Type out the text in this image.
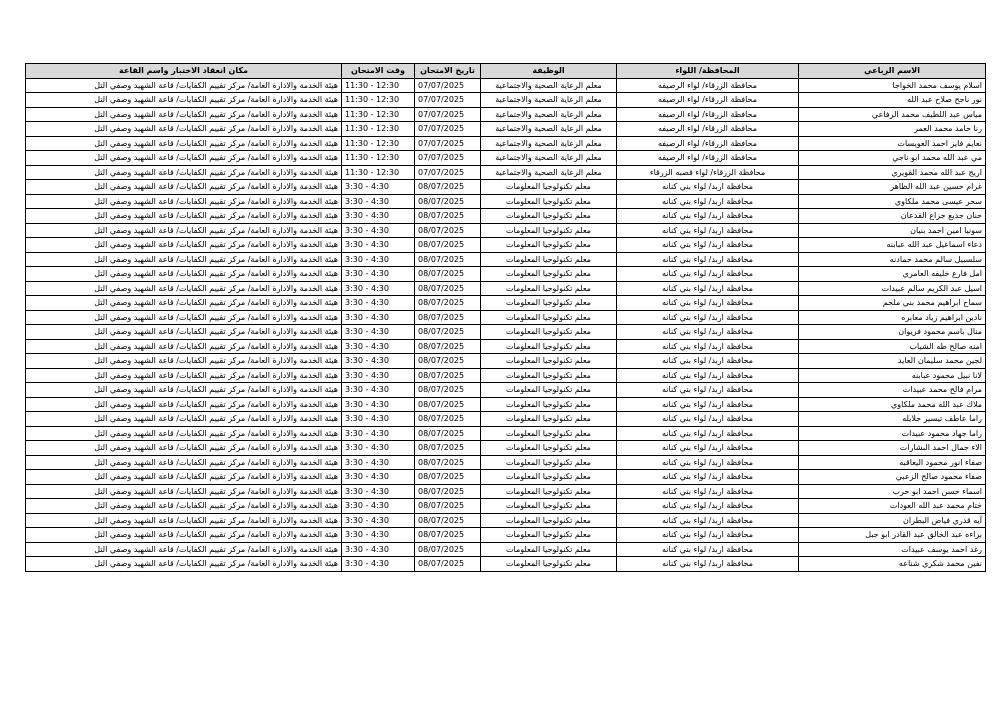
مكان انعقاد الاختبار واسم القاعة	وقت الامتحان	تاريخ الامتحان	الوظيفة	المحافظة/ اللواء	الاسم الرباعي
هيئة الخدمة والادارة العامة/ مركز تقييم الكفايات/ قاعة الشهيد وصفي التل	11:30 - 12:30	07/07/2025	معلم الرعاية الصحية والاجتماعية	محافظة الزرقاء/ لواء الرصيفه	اسلام يوسف محمد الخواجا
هيئة الخدمة والادارة العامة/ مركز تقييم الكفايات/ قاعة الشهيد وصفي التل	11:30 - 12:30	07/07/2025	معلم الرعاية الصحية والاجتماعية	محافظة الزرقاء/ لواء الرصيفه	نور ناجح صلاح عبد الله
هيئة الخدمة والادارة العامة/ مركز تقييم الكفايات/ قاعة الشهيد وصفي التل	11:30 - 12:30	07/07/2025	معلم الرعاية الصحية والاجتماعية	محافظة الزرقاء/ لواء الرصيفه	مياس عبد اللطيف محمد الرفاعي
هيئة الخدمة والادارة العامة/ مركز تقييم الكفايات/ قاعة الشهيد وصفي التل	11:30 - 12:30	07/07/2025	معلم الرعاية الصحية والاجتماعية	محافظة الزرقاء/ لواء الرصيفه	رنا حامد محمد العمر
هيئة الخدمة والادارة العامة/ مركز تقييم الكفايات/ قاعة الشهيد وصفي التل	11:30 - 12:30	07/07/2025	معلم الرعاية الصحية والاجتماعية	محافظة الزرقاء/ لواء الرصيفه	نعايم فايز احمد العويسات
هيئة الخدمة والادارة العامة/ مركز تقييم الكفايات/ قاعة الشهيد وصفي التل	11:30 - 12:30	07/07/2025	معلم الرعاية الصحية والاجتماعية	محافظة الزرقاء/ لواء الرصيفه	مي عبد الله محمد ابو ناجي
هيئة الخدمة والادارة العامة/ مركز تقييم الكفايات/ قاعة الشهيد وصفي التل	11:30 - 12:30	07/07/2025	معلم الرعاية الصحية والاجتماعية	محافظة الزرقاء/ لواء قصبه الزرقاء	اريج عبد الله محمد القويري
هيئة الخدمة والادارة العامة/ مركز تقييم الكفايات/ قاعة الشهيد وصفي التل	3:30 - 4:30	08/07/2025	معلم تكنولوجيا المعلومات	محافظة اربد/ لواء بني كنانه	غرام حسين عبد الله الظاهر
هيئة الخدمة والادارة العامة/ مركز تقييم الكفايات/ قاعة الشهيد وصفي التل	3:30 - 4:30	08/07/2025	معلم تكنولوجيا المعلومات	محافظة اربد/ لواء بني كنانه	سحر عيسى محمد ملكاوي
هيئة الخدمة والادارة العامة/ مركز تقييم الكفايات/ قاعة الشهيد وصفي التل	3:30 - 4:30	08/07/2025	معلم تكنولوجيا المعلومات	محافظة اربد/ لواء بني كنانه	حنان جديع جزاع القدعان
هيئة الخدمة والادارة العامة/ مركز تقييم الكفايات/ قاعة الشهيد وصفي التل	3:30 - 4:30	08/07/2025	معلم تكنولوجيا المعلومات	محافظة اربد/ لواء بني كنانه	سونيا امين احمد بنيان
هيئة الخدمة والادارة العامة/ مركز تقييم الكفايات/ قاعة الشهيد وصفي التل	3:30 - 4:30	08/07/2025	معلم تكنولوجيا المعلومات	محافظة اربد/ لواء بني كنانه	دعاء اسماعيل عبد الله عبابنه
هيئة الخدمة والادارة العامة/ مركز تقييم الكفايات/ قاعة الشهيد وصفي التل	3:30 - 4:30	08/07/2025	معلم تكنولوجيا المعلومات	محافظة اربد/ لواء بني كنانه	سلسبيل سالم محمد حمادنه
هيئة الخدمة والادارة العامة/ مركز تقييم الكفايات/ قاعة الشهيد وصفي التل	3:30 - 4:30	08/07/2025	معلم تكنولوجيا المعلومات	محافظة اربد/ لواء بني كنانه	امل فارع خليفه العامري
هيئة الخدمة والادارة العامة/ مركز تقييم الكفايات/ قاعة الشهيد وصفي التل	3:30 - 4:30	08/07/2025	معلم تكنولوجيا المعلومات	محافظة اربد/ لواء بني كنانه	اسيل عبد الكريم سالم عبيدات
هيئة الخدمة والادارة العامة/ مركز تقييم الكفايات/ قاعة الشهيد وصفي التل	3:30 - 4:30	08/07/2025	معلم تكنولوجيا المعلومات	محافظة اربد/ لواء بني كنانه	سماح ابراهيم محمد بني ملحم
هيئة الخدمة والادارة العامة/ مركز تقييم الكفايات/ قاعة الشهيد وصفي التل	3:30 - 4:30	08/07/2025	معلم تكنولوجيا المعلومات	محافظة اربد/ لواء بني كنانه	نادين ابراهيم زياد معابره
هيئة الخدمة والادارة العامة/ مركز تقييم الكفايات/ قاعة الشهيد وصفي التل	3:30 - 4:30	08/07/2025	معلم تكنولوجيا المعلومات	محافظة اربد/ لواء بني كنانه	منال باسم محمود فريوان
هيئة الخدمة والادارة العامة/ مركز تقييم الكفايات/ قاعة الشهيد وصفي التل	3:30 - 4:30	08/07/2025	معلم تكنولوجيا المعلومات	محافظة اربد/ لواء بني كنانه	امنه صالح طه الشياب
هيئة الخدمة والادارة العامة/ مركز تقييم الكفايات/ قاعة الشهيد وصفي التل	3:30 - 4:30	08/07/2025	معلم تكنولوجيا المعلومات	محافظة اربد/ لواء بني كنانه	لجين محمد سليمان العايد
هيئة الخدمة والادارة العامة/ مركز تقييم الكفايات/ قاعة الشهيد وصفي التل	3:30 - 4:30	08/07/2025	معلم تكنولوجيا المعلومات	محافظة اربد/ لواء بني كنانه	لانا نبيل محمود عبابنه
هيئة الخدمة والادارة العامة/ مركز تقييم الكفايات/ قاعة الشهيد وصفي التل	3:30 - 4:30	08/07/2025	معلم تكنولوجيا المعلومات	محافظة اربد/ لواء بني كنانه	مرام فالح محمد عبيدات
هيئة الخدمة والادارة العامة/ مركز تقييم الكفايات/ قاعة الشهيد وصفي التل	3:30 - 4:30	08/07/2025	معلم تكنولوجيا المعلومات	محافظة اربد/ لواء بني كنانه	ملاك عبد الله محمد ملكاوي
هيئة الخدمة والادارة العامة/ مركز تقييم الكفايات/ قاعة الشهيد وصفي التل	3:30 - 4:30	08/07/2025	معلم تكنولوجيا المعلومات	محافظة اربد/ لواء بني كنانه	راما عاطف تيسير جلايله
هيئة الخدمة والادارة العامة/ مركز تقييم الكفايات/ قاعة الشهيد وصفي التل	3:30 - 4:30	08/07/2025	معلم تكنولوجيا المعلومات	محافظة اربد/ لواء بني كنانه	راما جهاد محمود عبيدات
هيئة الخدمة والادارة العامة/ مركز تقييم الكفايات/ قاعة الشهيد وصفي التل	3:30 - 4:30	08/07/2025	معلم تكنولوجيا المعلومات	محافظة اربد/ لواء بني كنانه	الاء جمال احمد البشارات
هيئة الخدمة والادارة العامة/ مركز تقييم الكفايات/ قاعة الشهيد وصفي التل	3:30 - 4:30	08/07/2025	معلم تكنولوجيا المعلومات	محافظة اربد/ لواء بني كنانه	صفاء انور محمود اليعاقبه
هيئة الخدمة والادارة العامة/ مركز تقييم الكفايات/ قاعة الشهيد وصفي التل	3:30 - 4:30	08/07/2025	معلم تكنولوجيا المعلومات	محافظة اربد/ لواء بني كنانه	صفاء محمود صالح الزعبي
هيئة الخدمة والادارة العامة/ مركز تقييم الكفايات/ قاعة الشهيد وصفي التل	3:30 - 4:30	08/07/2025	معلم تكنولوجيا المعلومات	محافظة اربد/ لواء بني كنانه	اسماء حسن احمد ابو حرب
هيئة الخدمة والادارة العامة/ مركز تقييم الكفايات/ قاعة الشهيد وصفي التل	3:30 - 4:30	08/07/2025	معلم تكنولوجيا المعلومات	محافظة اربد/ لواء بني كنانه	ختام محمد عبد الله العودات
هيئة الخدمة والادارة العامة/ مركز تقييم الكفايات/ قاعة الشهيد وصفي التل	3:30 - 4:30	08/07/2025	معلم تكنولوجيا المعلومات	محافظة اربد/ لواء بني كنانه	آيه قدري فياض البطران
هيئة الخدمة والادارة العامة/ مركز تقييم الكفايات/ قاعة الشهيد وصفي التل	3:30 - 4:30	08/07/2025	معلم تكنولوجيا المعلومات	محافظة اربد/ لواء بني كنانه	براءه عبد الخالق عبد القادر ابو جبل
هيئة الخدمة والادارة العامة/ مركز تقييم الكفايات/ قاعة الشهيد وصفي التل	3:30 - 4:30	08/07/2025	معلم تكنولوجيا المعلومات	محافظة اربد/ لواء بني كنانه	رغد احمد يوسف عبيدات
هيئة الخدمة والادارة العامة/ مركز تقييم الكفايات/ قاعة الشهيد وصفي التل	3:30 - 4:30	08/07/2025	معلم تكنولوجيا المعلومات	محافظة اربد/ لواء بني كنانه	نفين محمد شكري شناعه
